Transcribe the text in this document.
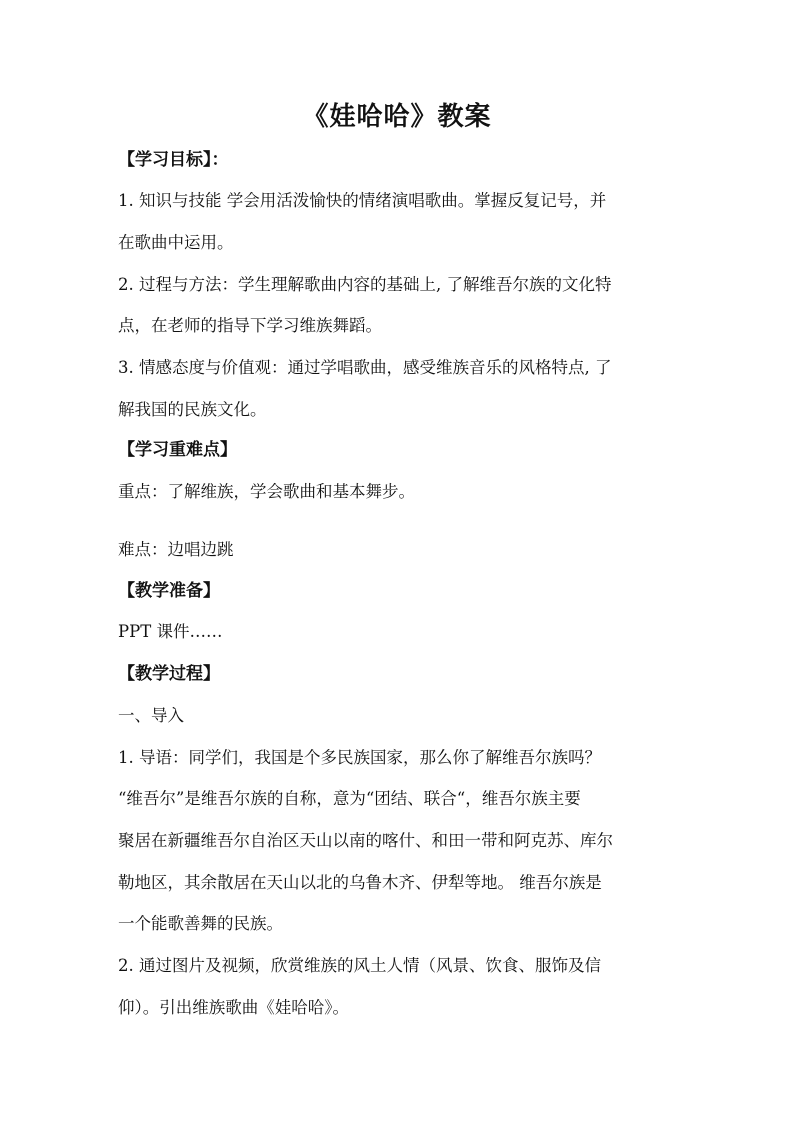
《娃哈哈》教案
【学习目标】：
1. 知识与技能 学会用活泼愉快的情绪演唱歌曲。掌握反复记号，并
在歌曲中运用。
2. 过程与方法：学生理解歌曲内容的基础上, 了解维吾尔族的文化特
点，在老师的指导下学习维族舞蹈。
3. 情感态度与价值观：通过学唱歌曲，感受维族音乐的风格特点, 了
解我国的民族文化。
【学习重难点】
重点：了解维族，学会歌曲和基本舞步。
难点：边唱边跳
【教学准备】
PPT 课件……
【教学过程】
一、导入
1. 导语：同学们，我国是个多民族国家，那么你了解维吾尔族吗？
“维吾尔”是维吾尔族的自称，意为“团结、联合“，维吾尔族主要
聚居在新疆维吾尔自治区天山以南的喀什、和田一带和阿克苏、库尔
勒地区，其余散居在天山以北的乌鲁木齐、伊犁等地。 维吾尔族是
一个能歌善舞的民族。
2. 通过图片及视频，欣赏维族的风土人情（风景、饮食、服饰及信
仰）。引出维族歌曲《娃哈哈》。
